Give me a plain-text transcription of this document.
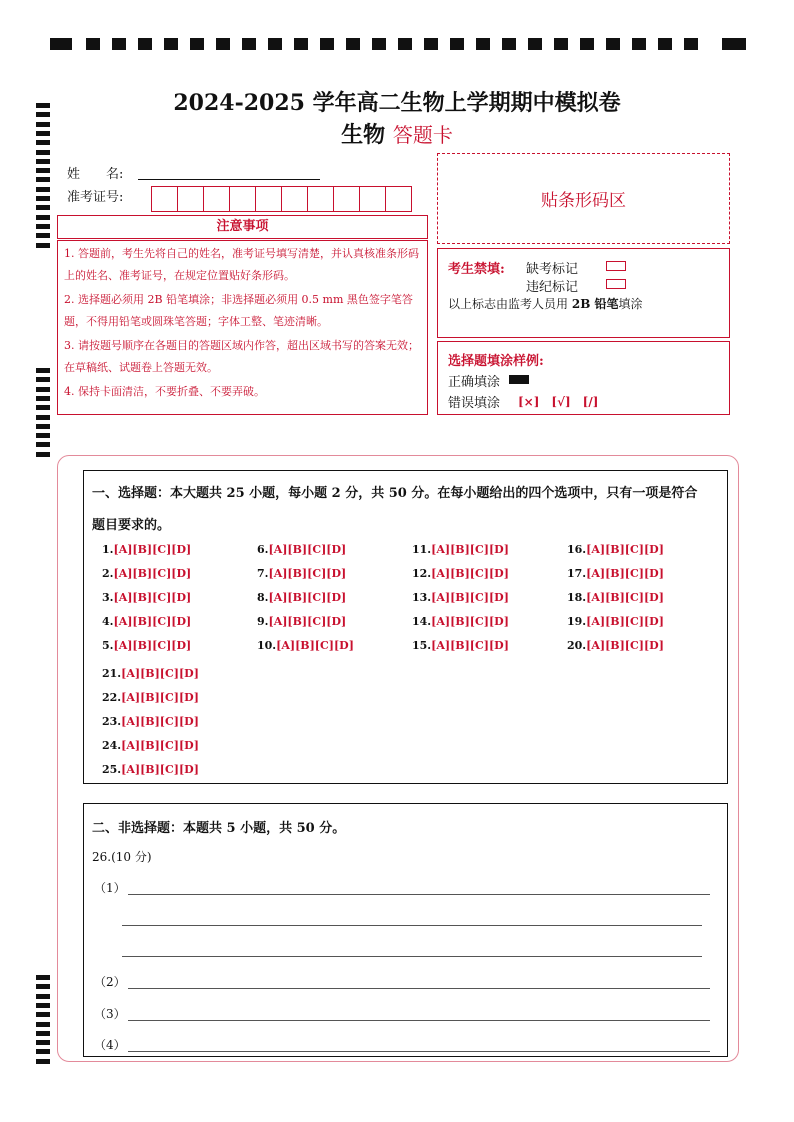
2024-2025 学年高二生物上学期期中模拟卷
生物 答题卡
姓　　名:
准考证号:	贴条形码区
注意事项

1. 答题前，考生先将自己的姓名，准考证号填写清楚，并认真核准条形码上的姓名、准考证号，在规定位置贴好条形码。

2. 选择题必须用 2B 铅笔填涂；非选择题必须用 0.5 mm 黑色签字笔答题，不得用铅笔或圆珠笔答题；字体工整、笔迹清晰。

3. 请按题号顺序在各题目的答题区域内作答，超出区域书写的答案无效；在草稿纸、试题卷上答题无效。

4. 保持卡面清洁，不要折叠、不要弄破。

考生禁填: 缺考标记
违纪标记
以上标志由监考人员用 2B 铅笔填涂
选择题填涂样例:
正确填涂
错误填涂 [×]　[√]　[/]
一、选择题：本大题共 25 小题，每小题 2 分，共 50 分。在每小题给出的四个选项中，只有一项是符合
题目要求的。
1.[A][B][C][D]
2.[A][B][C][D]
3.[A][B][C][D]
4.[A][B][C][D]
5.[A][B][C][D]
6.[A][B][C][D]
7.[A][B][C][D]
8.[A][B][C][D]
9.[A][B][C][D]
10.[A][B][C][D]
11.[A][B][C][D]
12.[A][B][C][D]
13.[A][B][C][D]
14.[A][B][C][D]
15.[A][B][C][D]
16.[A][B][C][D]
17.[A][B][C][D]
18.[A][B][C][D]
19.[A][B][C][D]
20.[A][B][C][D]
21.[A][B][C][D]
22.[A][B][C][D]
23.[A][B][C][D]
24.[A][B][C][D]
25.[A][B][C][D]
二、非选择题：本题共 5 小题，共 50 分。
26.(10 分)
（1）
（2）
（3）
（4）
